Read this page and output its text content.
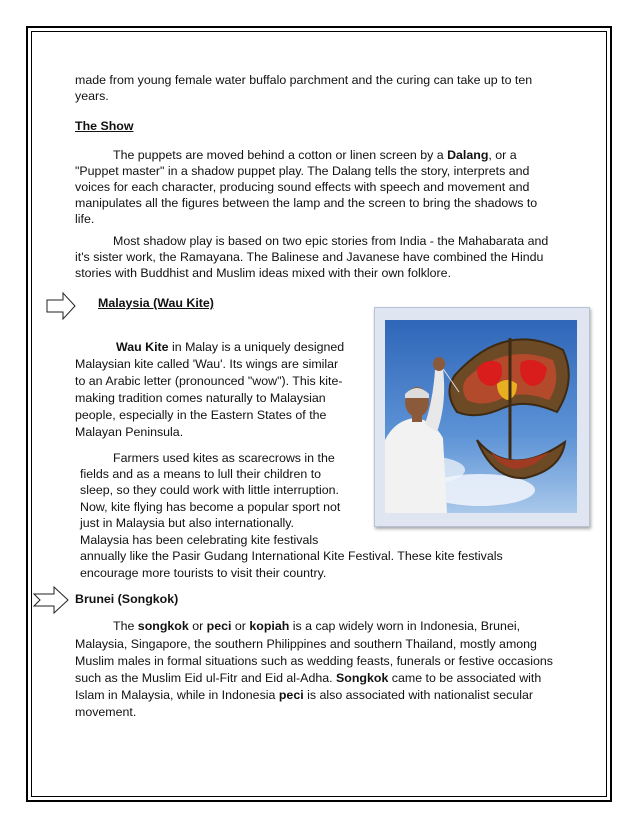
made from young female water buffalo parchment and the curing can take up to ten

years.

The Show

The puppets are moved behind a cotton or linen screen by a Dalang, or a

"Puppet master" in a shadow puppet play. The Dalang tells the story, interprets and

voices for each character, producing sound effects with speech and movement and

manipulates all the figures between the lamp and the screen to bring the shadows to

life.

Most shadow play is based on two epic stories from India - the Mahabarata and

it's sister work, the Ramayana. The Balinese and Javanese have combined the Hindu

stories with Buddhist and Muslim ideas mixed with their own folklore.

Malaysia (Wau Kite)

Wau Kite in Malay is a uniquely designed

Malaysian kite called 'Wau'. Its wings are similar

to an Arabic letter (pronounced "wow"). This kite-

making tradition comes naturally to Malaysian

people, especially in the Eastern States of the

Malayan Peninsula.

Farmers used kites as scarecrows in the

fields and as a means to lull their children to

sleep, so they could work with little interruption.

Now, kite flying has become a popular sport not

just in Malaysia but also internationally.

Malaysia has been celebrating kite festivals

annually like the Pasir Gudang International Kite Festival. These kite festivals

encourage more tourists to visit their country.

Brunei (Songkok)

The songkok or peci or kopiah is a cap widely worn in Indonesia, Brunei,

Malaysia, Singapore, the southern Philippines and southern Thailand, mostly among

Muslim males in formal situations such as wedding feasts, funerals or festive occasions

such as the Muslim Eid ul-Fitr and Eid al-Adha. Songkok came to be associated with

Islam in Malaysia, while in Indonesia peci is also associated with nationalist secular

movement.
